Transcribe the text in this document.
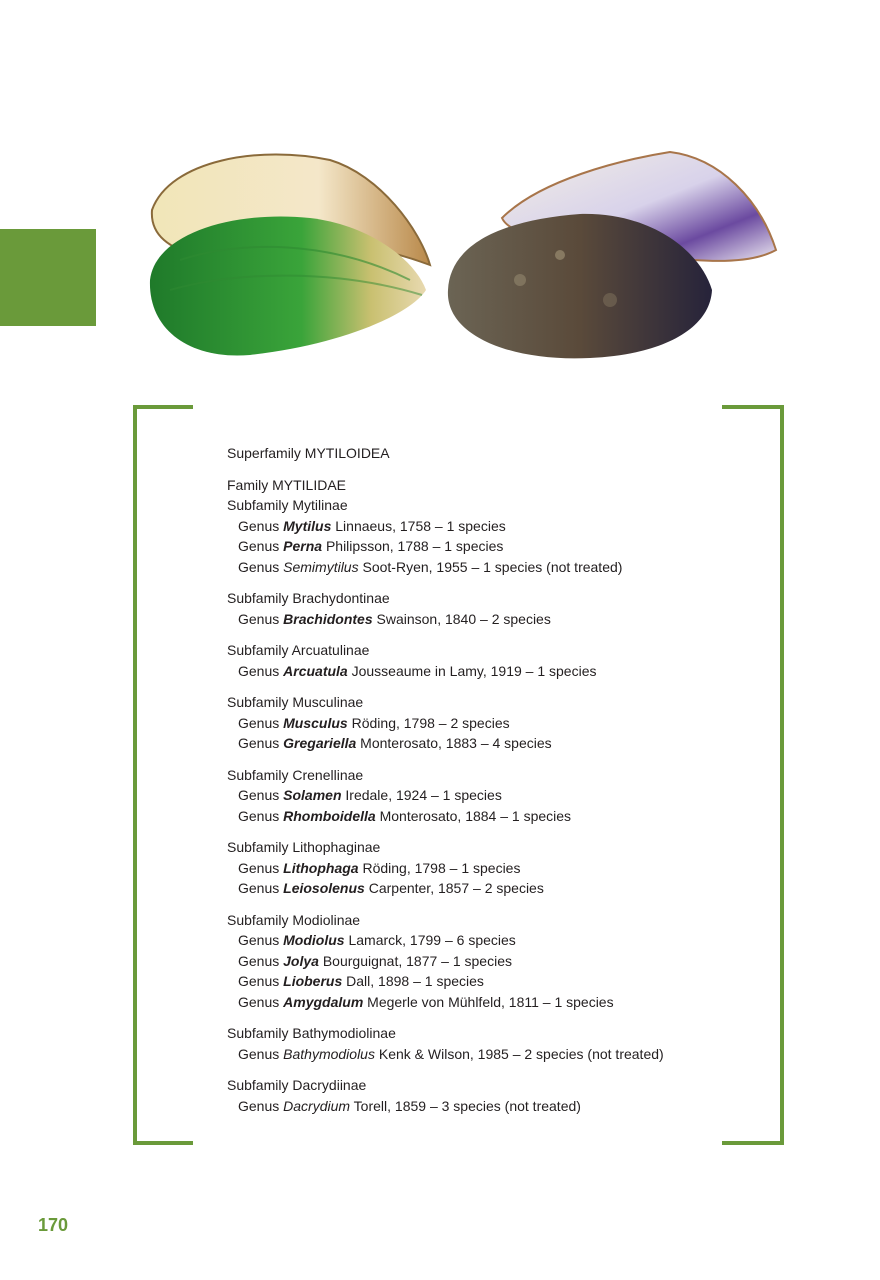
Superfamily MYTILOIDEA

Family MYTILIDAE

Subfamily Mytilinae

Genus Mytilus Linnaeus, 1758 – 1 species

Genus Perna Philipsson, 1788 – 1 species

Genus Semimytilus Soot-Ryen, 1955 – 1 species (not treated)

Subfamily Brachydontinae

Genus Brachidontes Swainson, 1840 – 2 species

Subfamily Arcuatulinae

Genus Arcuatula Jousseaume in Lamy, 1919 – 1 species

Subfamily Musculinae

Genus Musculus Röding, 1798 – 2 species

Genus Gregariella Monterosato, 1883 – 4 species

Subfamily Crenellinae

Genus Solamen Iredale, 1924 – 1 species

Genus Rhomboidella Monterosato, 1884 – 1 species

Subfamily Lithophaginae

Genus Lithophaga Röding, 1798 – 1 species

Genus Leiosolenus Carpenter, 1857 – 2 species

Subfamily Modiolinae

Genus Modiolus Lamarck, 1799 – 6 species

Genus Jolya Bourguignat, 1877 – 1 species

Genus Lioberus Dall, 1898 – 1 species

Genus Amygdalum Megerle von Mühlfeld, 1811 – 1 species

Subfamily Bathymodiolinae

Genus Bathymodiolus Kenk & Wilson, 1985 – 2 species (not treated)

Subfamily Dacrydiinae

Genus Dacrydium Torell, 1859 – 3 species (not treated)

170
